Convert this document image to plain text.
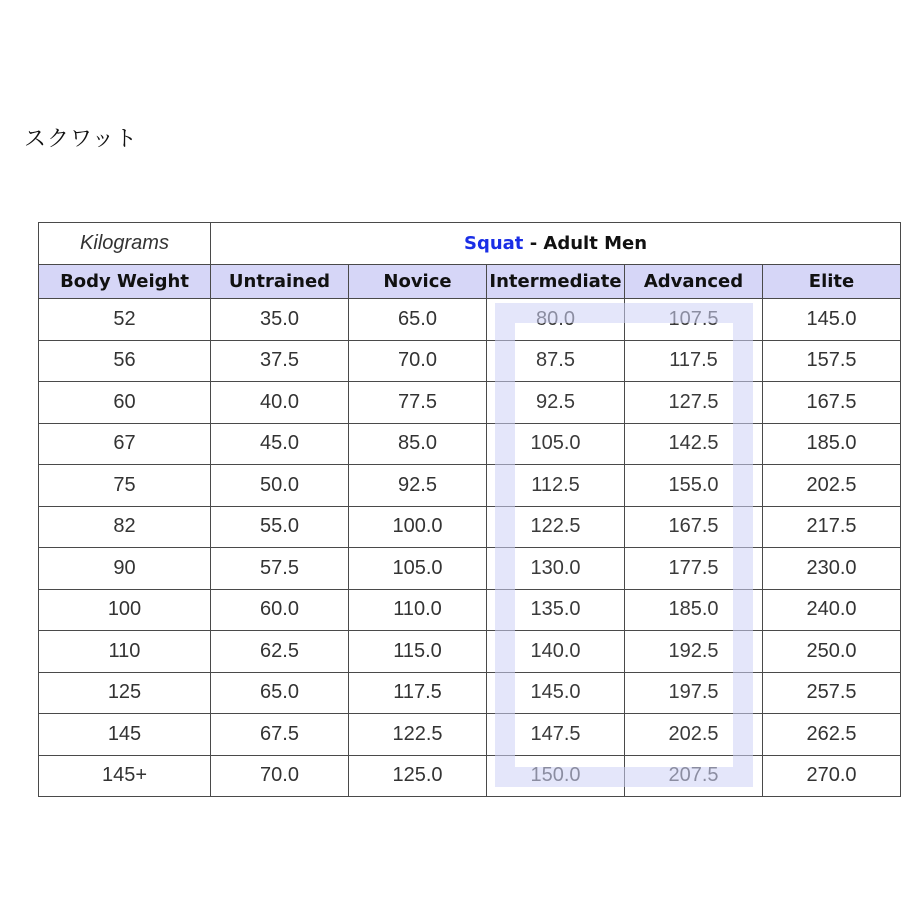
スクワット
Kilograms	Squat - Adult Men				
Body Weight	Untrained	Novice	Intermediate	Advanced	Elite
52	35.0	65.0	80.0	107.5	145.0
56	37.5	70.0	87.5	117.5	157.5
60	40.0	77.5	92.5	127.5	167.5
67	45.0	85.0	105.0	142.5	185.0
75	50.0	92.5	112.5	155.0	202.5
82	55.0	100.0	122.5	167.5	217.5
90	57.5	105.0	130.0	177.5	230.0
100	60.0	110.0	135.0	185.0	240.0
110	62.5	115.0	140.0	192.5	250.0
125	65.0	117.5	145.0	197.5	257.5
145	67.5	122.5	147.5	202.5	262.5
145+	70.0	125.0	150.0	207.5	270.0
